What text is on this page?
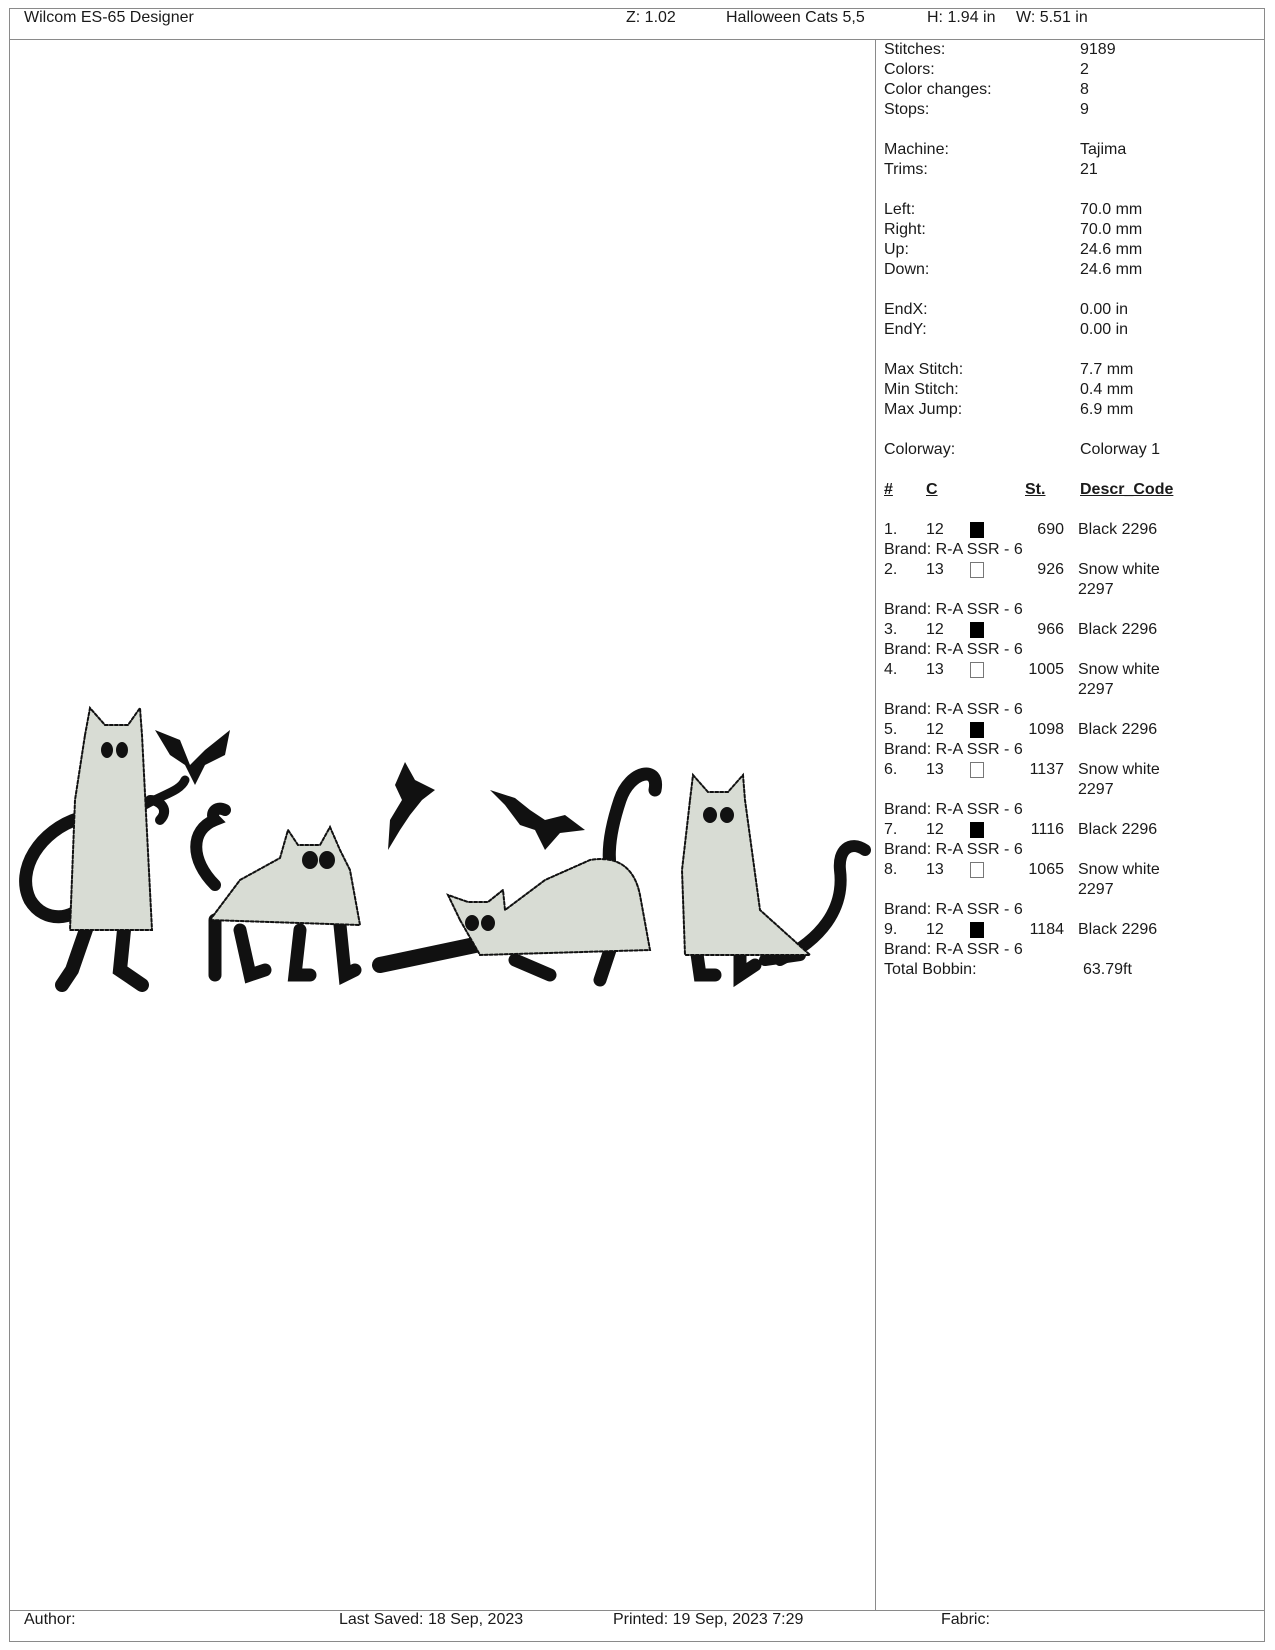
Wilcom ES-65 Designer	Z: 1.02	Halloween Cats 5,5	H: 1.94 in W: 5.51 in
Stitches:	9189
Colors:	2
Color changes:	8
Stops:	9
Machine:	Tajima
Trims:	21
Left:	70.0 mm
Right:	70.0 mm
Up:	24.6 mm
Down:	24.6 mm
EndX:	0.00 in
EndY:	0.00 in
Max Stitch:	7.7 mm
Min Stitch:	0.4 mm
Max Jump:	6.9 mm
Colorway:	Colorway 1
# C	St. Descr_Code
1. 12	690 Black 2296
Brand: R-A SSR - 6
2. 13	926 Snow white
2297
Brand: R-A SSR - 6
3. 12	966 Black 2296
Brand: R-A SSR - 6
4. 13	1005 Snow white
2297
Brand: R-A SSR - 6
5. 12	1098 Black 2296
Brand: R-A SSR - 6
6. 13	1137 Snow white
2297
Brand: R-A SSR - 6
7. 12	1116 Black 2296
Brand: R-A SSR - 6
8. 13	1065 Snow white
2297
Brand: R-A SSR - 6
9. 12	1184 Black 2296
Brand: R-A SSR - 6
Total Bobbin:	63.79ft
Author:	Last Saved: 18 Sep, 2023	Printed: 19 Sep, 2023 7:29	Fabric:
